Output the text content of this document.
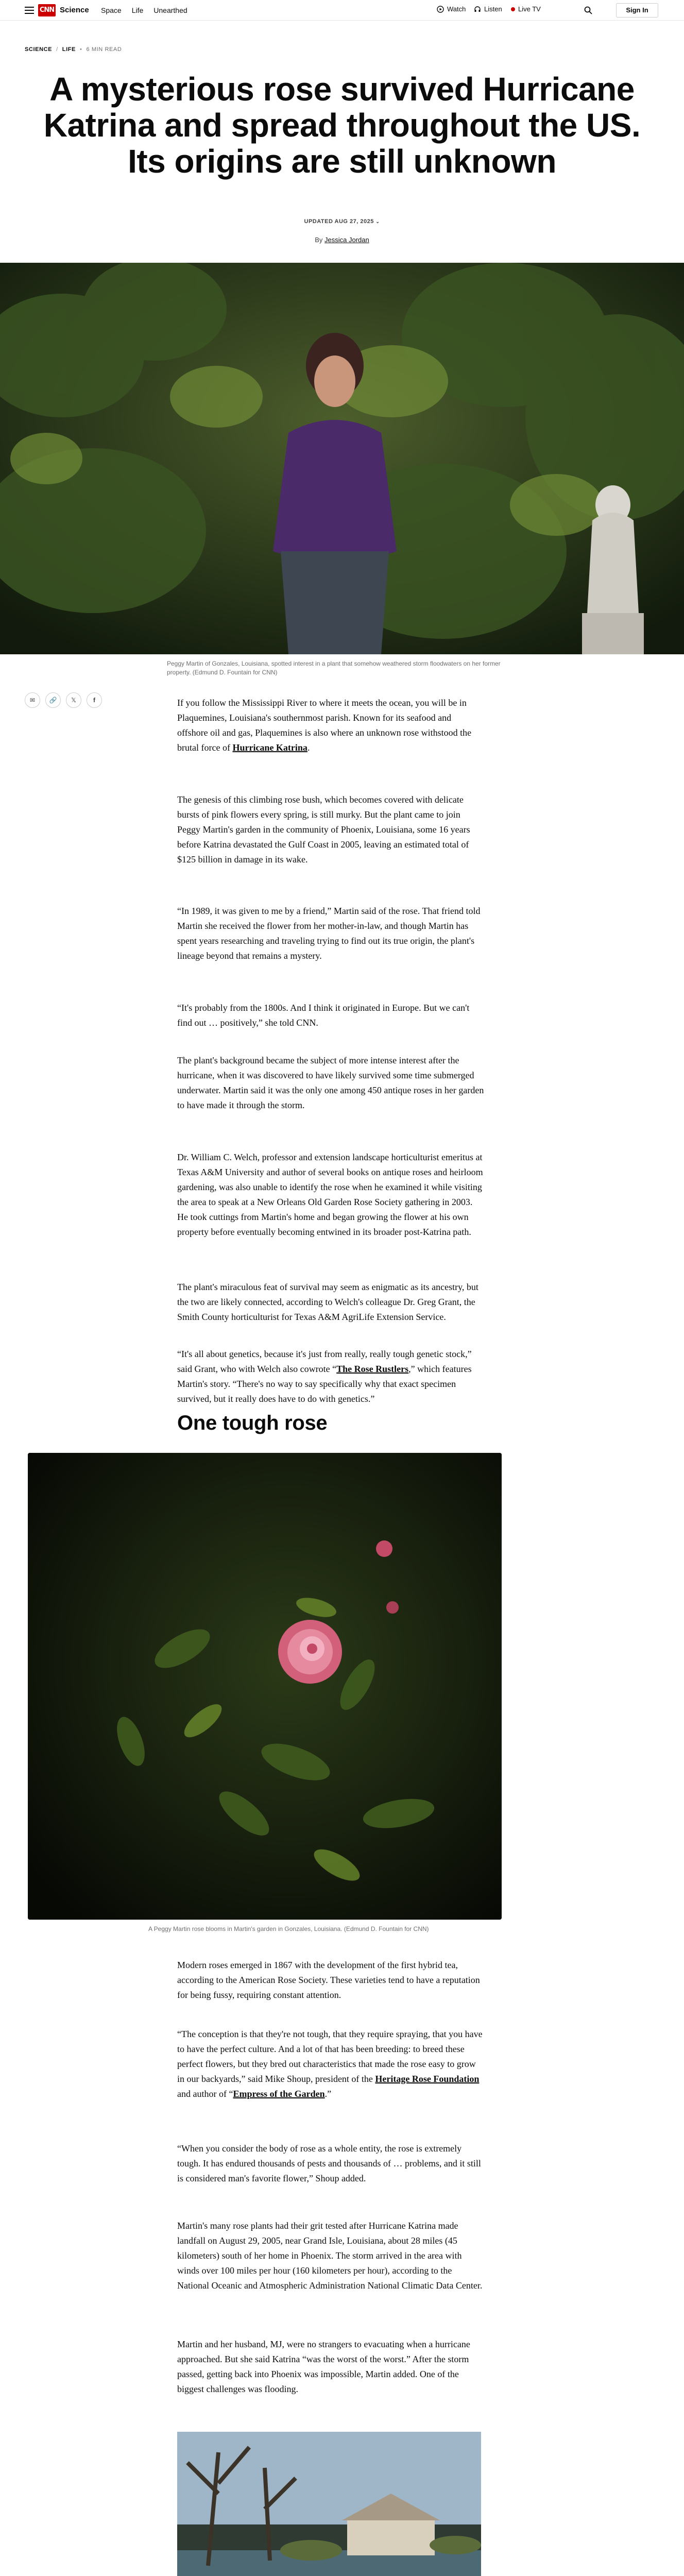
CNN Science Space Life Unearthed	Watch	Listen Live TV	Sign In
SCIENCE / LIFE • 6 MIN READ
A mysterious rose survived Hurricane Katrina and spread throughout the US. Its origins are still unknown
UPDATED AUG 27, 2025 ⌄
By Jessica Jordan
Peggy Martin of Gonzales, Louisiana, spotted interest in a plant that somehow weathered storm floodwaters on her former property. (Edmund D. Fountain for CNN)
✉	🔗	𝕏	f	If you follow the Mississippi River to where it meets the ocean, you will be in Plaquemines, Louisiana's southernmost parish. Known for its seafood and offshore oil and gas, Plaquemines is also where an unknown rose withstood the brutal force of Hurricane Katrina.

The genesis of this climbing rose bush, which becomes covered with delicate bursts of pink flowers every spring, is still murky. But the plant came to join Peggy Martin's garden in the community of Phoenix, Louisiana, some 16 years before Katrina devastated the Gulf Coast in 2005, leaving an estimated total of $125 billion in damage in its wake.

“In 1989, it was given to me by a friend,” Martin said of the rose. That friend told Martin she received the flower from her mother-in-law, and though Martin has spent years researching and traveling trying to find out its true origin, the plant's lineage beyond that remains a mystery.

“It's probably from the 1800s. And I think it originated in Europe. But we can't find out … positively,” she told CNN.

The plant's background became the subject of more intense interest after the hurricane, when it was discovered to have likely survived some time submerged underwater. Martin said it was the only one among 450 antique roses in her garden to have made it through the storm.

Dr. William C. Welch, professor and extension landscape horticulturist emeritus at Texas A&M University and author of several books on antique roses and heirloom gardening, was also unable to identify the rose when he examined it while visiting the area to speak at a New Orleans Old Garden Rose Society gathering in 2003. He took cuttings from Martin's home and began growing the flower at his own property before eventually becoming entwined in its broader post-Katrina path.

The plant's miraculous feat of survival may seem as enigmatic as its ancestry, but the two are likely connected, according to Welch's colleague Dr. Greg Grant, the Smith County horticulturist for Texas A&M AgriLife Extension Service.

“It's all about genetics, because it's just from really, really tough genetic stock,” said Grant, who with Welch also cowrote “The Rose Rustlers,” which features Martin's story. “There's no way to say specifically why that exact specimen survived, but it really does have to do with genetics.”

One tough rose
A Peggy Martin rose blooms in Martin's garden in Gonzales, Louisiana. (Edmund D. Fountain for CNN)

Modern roses emerged in 1867 with the development of the first hybrid tea, according to the American Rose Society. These varieties tend to have a reputation for being fussy, requiring constant attention.

“The conception is that they're not tough, that they require spraying, that you have to have the perfect culture. And a lot of that has been breeding: to breed these perfect flowers, but they bred out characteristics that made the rose easy to grow in our backyards,” said Mike Shoup, president of the Heritage Rose Foundation and author of “Empress of the Garden.”

“When you consider the body of rose as a whole entity, the rose is extremely tough. It has endured thousands of pests and thousands of … problems, and it still is considered man's favorite flower,” Shoup added.

Martin's many rose plants had their grit tested after Hurricane Katrina made landfall on August 29, 2005, near Grand Isle, Louisiana, about 28 miles (45 kilometers) south of her home in Phoenix. The storm arrived in the area with winds over 100 miles per hour (160 kilometers per hour), according to the National Oceanic and Atmospheric Administration National Climatic Data Center.

Martin and her husband, MJ, were no strangers to evacuating when a hurricane approached. But she said Katrina “was the worst of the worst.” After the storm passed, getting back into Phoenix was impossible, Martin added. One of the biggest challenges was flooding.
